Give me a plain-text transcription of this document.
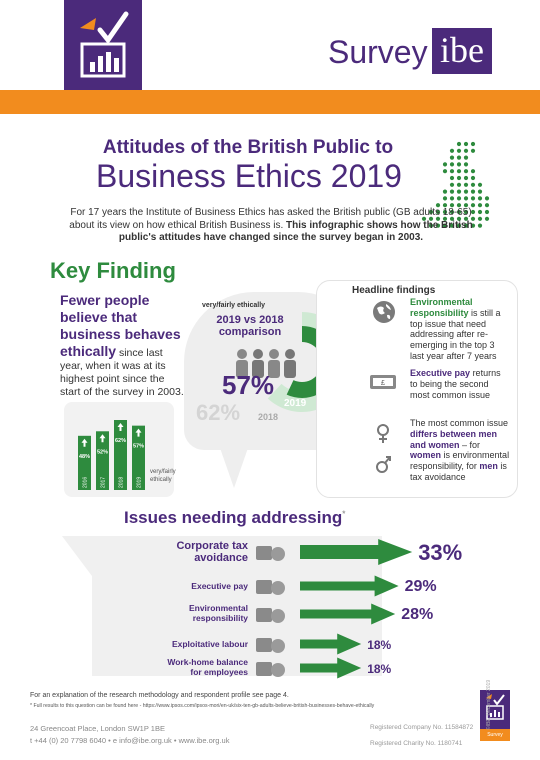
Survey ibe
Attitudes of the British Public to
Business Ethics 2019
For 17 years the Institute of Business Ethics has asked the British public (GB adults 18-65) about its view on how ethical British Business is. This infographic shows how the British public's attitudes have changed since the survey began in 2003.
Key Finding
Fewer people believe that business behaves ethically since last year, when it was at its highest point since the start of the survey in 2003.
48%
2016
52%
2017
62%
2018
57%
2019
very/fairly ethically
very/fairly ethically
2019 vs 2018 comparison
57%
2019
62% 2018
Headline findings
Environmental responsibility is still a top issue that need addressing after re-emerging in the top 3 last year after 7 years
£
Executive pay returns to being the second most common issue
The most common issue differs between men and women – for women is environmental responsibility, for men is tax avoidance
Issues needing addressing*
Corporate tax avoidance	33%
Executive pay	29%
Environmental responsibility	28%
Exploitative labour	18%
Work-home balance for employees	18%
For an explanation of the research methodology and respondent profile see page 4.
* Full results to this question can be found here - https://www.ipsos.com/ipsos-mori/en-uk/six-ten-gb-adults-believe-british-businesses-behave-ethically
24 Greencoat Place, London SW1P 1BE
t +44 (0) 20 7798 6040 • e info@ibe.org.uk • www.ibe.org.uk
Registered Company No. 11584872
Registered Charity No. 1180741
Survey
©IBE, December 2019
